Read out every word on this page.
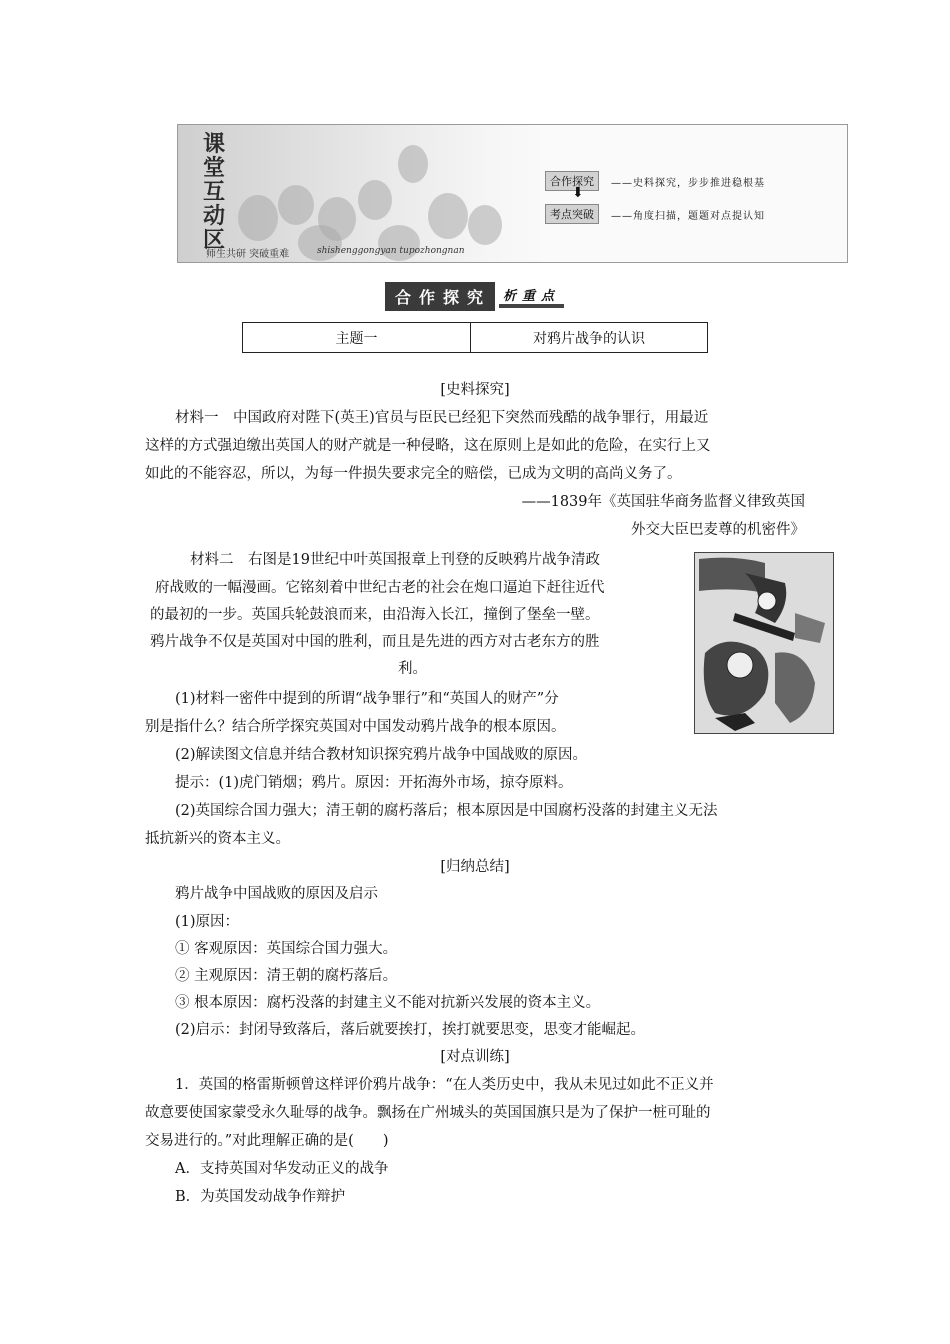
课
堂
互
动
区
师生共研 突破重难	shishenggongyan tupozhongnan
合作探究	——史料探究，步步推进稳根基
⬇
考点突破	——角度扫描，题题对点提认知
合作探究 析重点
主题一	对鸦片战争的认识
[史料探究]
材料一　中国政府对陛下(英王)官员与臣民已经犯下突然而残酷的战争罪行，用最近
这样的方式强迫缴出英国人的财产就是一种侵略，这在原则上是如此的危险，在实行上又
如此的不能容忍，所以，为每一件损失要求完全的赔偿，已成为文明的高尚义务了。
——1839年《英国驻华商务监督义律致英国
外交大臣巴麦尊的机密件》
材料二　右图是19世纪中叶英国报章上刊登的反映鸦片战争清政
府战败的一幅漫画。它铭刻着中世纪古老的社会在炮口逼迫下赶往近代
的最初的一步。英国兵轮鼓浪而来，由沿海入长江，撞倒了堡垒一壁。
鸦片战争不仅是英国对中国的胜利，而且是先进的西方对古老东方的胜
利。
(1)材料一密件中提到的所谓“战争罪行”和“英国人的财产”分
别是指什么？结合所学探究英国对中国发动鸦片战争的根本原因。
(2)解读图文信息并结合教材知识探究鸦片战争中国战败的原因。
提示：(1)虎门销烟；鸦片。原因：开拓海外市场，掠夺原料。
(2)英国综合国力强大；清王朝的腐朽落后；根本原因是中国腐朽没落的封建主义无法
抵抗新兴的资本主义。
[归纳总结]
鸦片战争中国战败的原因及启示
(1)原因：
① 客观原因：英国综合国力强大。
② 主观原因：清王朝的腐朽落后。
③ 根本原因：腐朽没落的封建主义不能对抗新兴发展的资本主义。
(2)启示：封闭导致落后，落后就要挨打，挨打就要思变，思变才能崛起。
[对点训练]
1．英国的格雷斯顿曾这样评价鸦片战争：“在人类历史中，我从未见过如此不正义并
故意要使国家蒙受永久耻辱的战争。飘扬在广州城头的英国国旗只是为了保护一桩可耻的
交易进行的。”对此理解正确的是(　　)
A．支持英国对华发动正义的战争
B．为英国发动战争作辩护
